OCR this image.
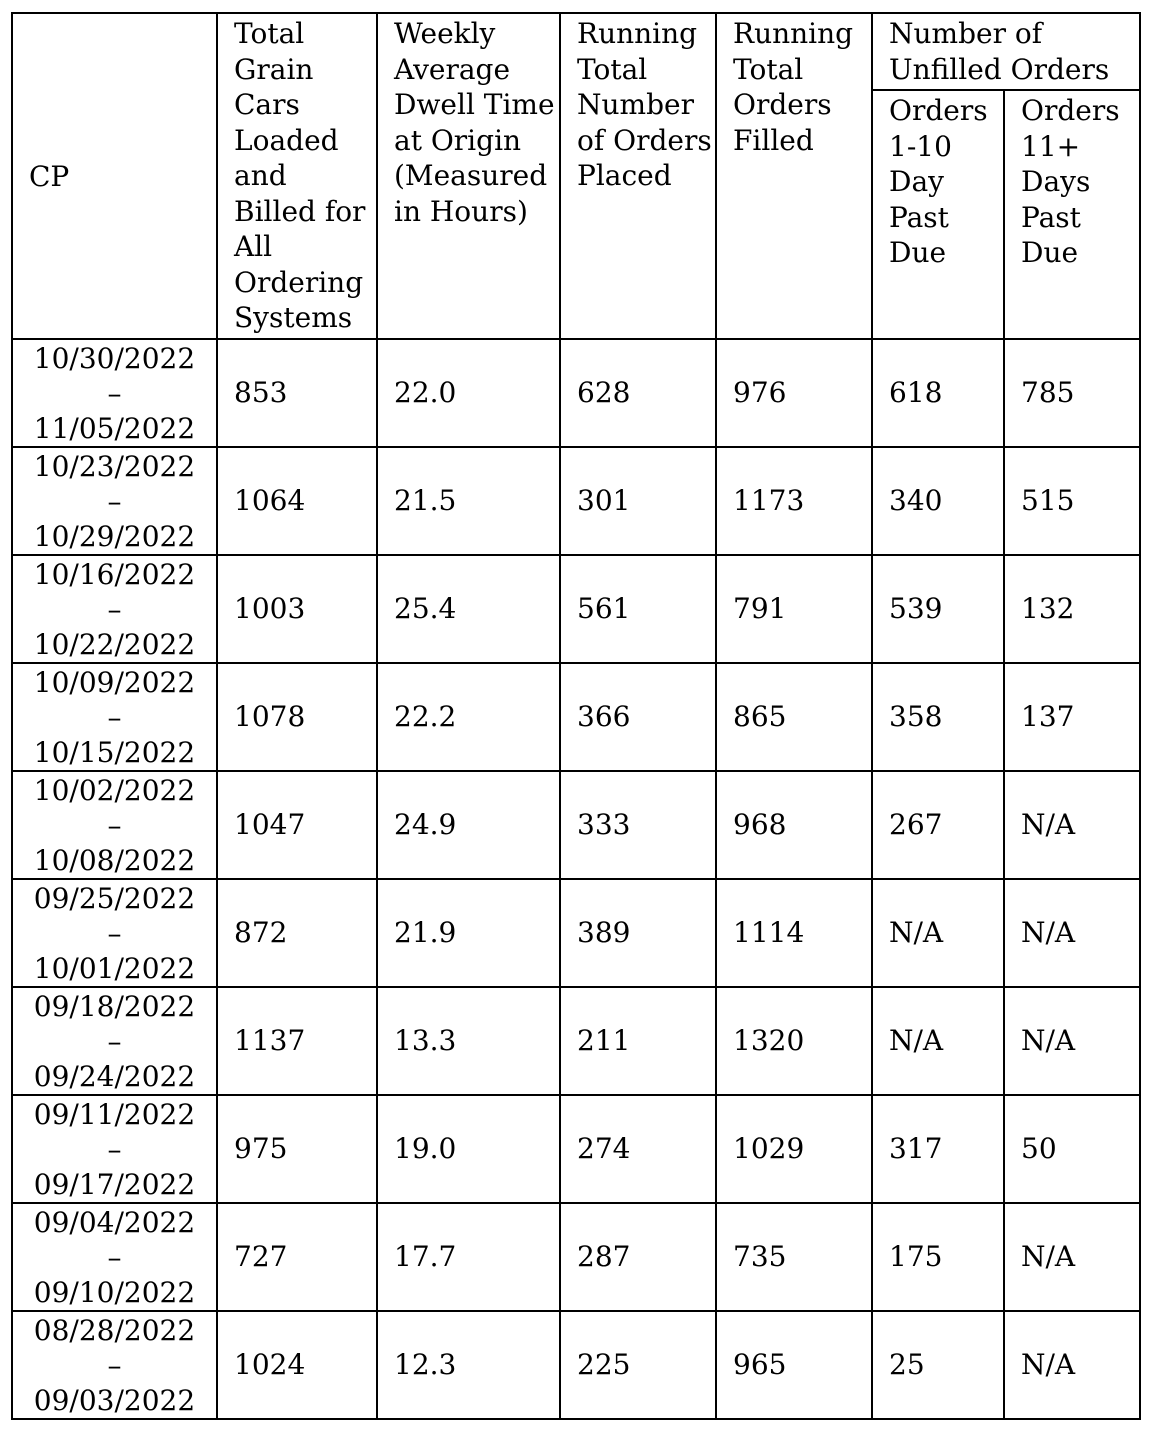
CP	Total Grain Cars Loaded and Billed for All Ordering Systems	Weekly Average Dwell Time at Origin (Measured in Hours)	Running Total Number of Orders Placed	Running Total Orders Filled	Number of Unfilled Orders	
					Orders 1-10 Day Past Due	Orders 11+ Days Past Due

10/30/2022
–
11/05/2022	853	22.0	628	976	618	785

10/23/2022
–
10/29/2022	1064	21.5	301	1173	340	515

10/16/2022
–
10/22/2022	1003	25.4	561	791	539	132

10/09/2022
–
10/15/2022	1078	22.2	366	865	358	137

10/02/2022
–
10/08/2022	1047	24.9	333	968	267	N/A

09/25/2022
–
10/01/2022	872	21.9	389	1114	N/A	N/A

09/18/2022
–
09/24/2022	1137	13.3	211	1320	N/A	N/A

09/11/2022
–
09/17/2022	975	19.0	274	1029	317	50

09/04/2022
–
09/10/2022	727	17.7	287	735	175	N/A

08/28/2022
–
09/03/2022	1024	12.3	225	965	25	N/A
